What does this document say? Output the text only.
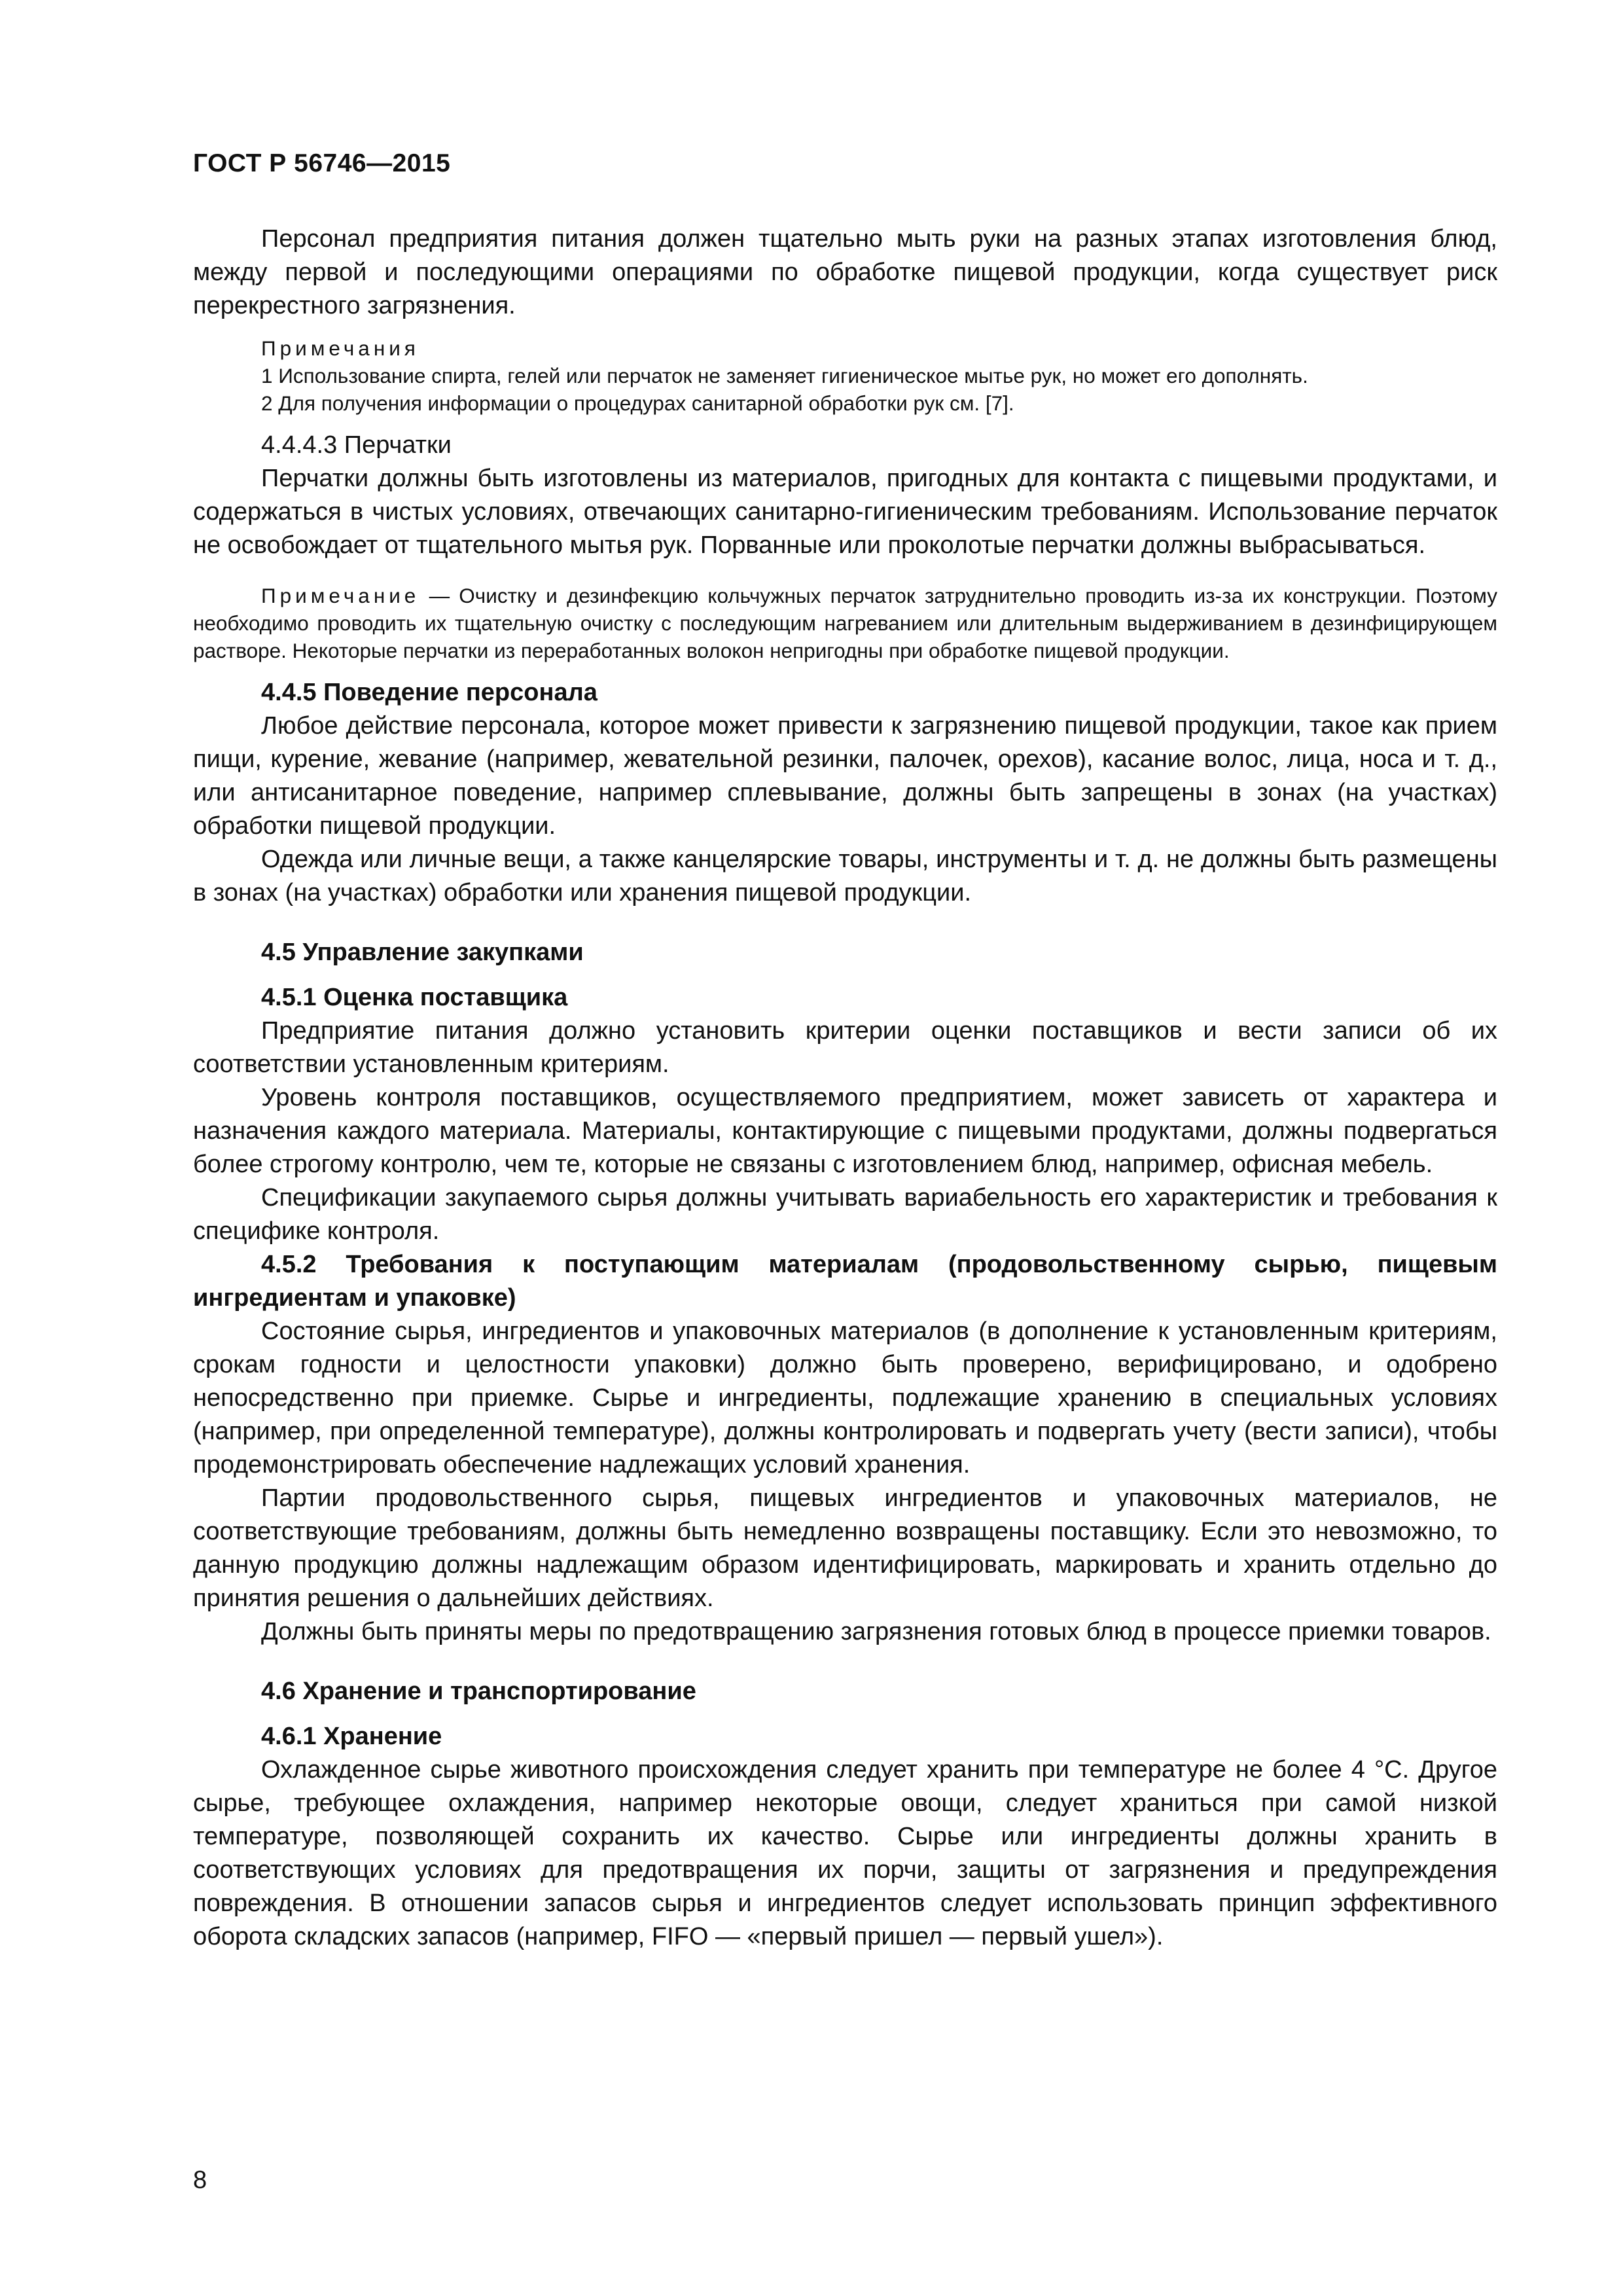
ГОСТ Р 56746—2015

Персонал предприятия питания должен тщательно мыть руки на разных этапах изготовления блюд, между первой и последующими операциями по обработке пищевой продукции, когда существует риск перекрестного загрязнения.

Примечания

1 Использование спирта, гелей или перчаток не заменяет гигиеническое мытье рук, но может его дополнять.

2 Для получения информации о процедурах санитарной обработки рук см. [7].

4.4.4.3 Перчатки

Перчатки должны быть изготовлены из материалов, пригодных для контакта с пищевыми продуктами, и содержаться в чистых условиях, отвечающих санитарно-гигиеническим требованиям. Использование перчаток не освобождает от тщательного мытья рук. Порванные или проколотые перчатки должны выбрасываться.

Примечание — Очистку и дезинфекцию кольчужных перчаток затруднительно проводить из-за их конструкции. Поэтому необходимо проводить их тщательную очистку с последующим нагреванием или длительным выдерживанием в дезинфицирующем растворе. Некоторые перчатки из переработанных волокон непригодны при обработке пищевой продукции.

4.4.5 Поведение персонала

Любое действие персонала, которое может привести к загрязнению пищевой продукции, такое как прием пищи, курение, жевание (например, жевательной резинки, палочек, орехов), касание волос, лица, носа и т. д., или антисанитарное поведение, например сплевывание, должны быть запрещены в зонах (на участках) обработки пищевой продукции.

Одежда или личные вещи, а также канцелярские товары, инструменты и т. д. не должны быть размещены в зонах (на участках) обработки или хранения пищевой продукции.

4.5 Управление закупками

4.5.1 Оценка поставщика

Предприятие питания должно установить критерии оценки поставщиков и вести записи об их соответствии установленным критериям.

Уровень контроля поставщиков, осуществляемого предприятием, может зависеть от характера и назначения каждого материала. Материалы, контактирующие с пищевыми продуктами, должны подвергаться более строгому контролю, чем те, которые не связаны с изготовлением блюд, например, офисная мебель.

Спецификации закупаемого сырья должны учитывать вариабельность его характеристик и требования к специфике контроля.

4.5.2 Требования к поступающим материалам (продовольственному сырью, пищевым ингредиентам и упаковке)

Состояние сырья, ингредиентов и упаковочных материалов (в дополнение к установленным критериям, срокам годности и целостности упаковки) должно быть проверено, верифицировано, и одобрено непосредственно при приемке. Сырье и ингредиенты, подлежащие хранению в специальных условиях (например, при определенной температуре), должны контролировать и подвергать учету (вести записи), чтобы продемонстрировать обеспечение надлежащих условий хранения.

Партии продовольственного сырья, пищевых ингредиентов и упаковочных материалов, не соответствующие требованиям, должны быть немедленно возвращены поставщику. Если это невозможно, то данную продукцию должны надлежащим образом идентифицировать, маркировать и хранить отдельно до принятия решения о дальнейших действиях.

Должны быть приняты меры по предотвращению загрязнения готовых блюд в процессе приемки товаров.

4.6 Хранение и транспортирование

4.6.1 Хранение

Охлажденное сырье животного происхождения следует хранить при температуре не более 4 °С. Другое сырье, требующее охлаждения, например некоторые овощи, следует храниться при самой низкой температуре, позволяющей сохранить их качество. Сырье или ингредиенты должны хранить в соответствующих условиях для предотвращения их порчи, защиты от загрязнения и предупреждения повреждения. В отношении запасов сырья и ингредиентов следует использовать принцип эффективного оборота складских запасов (например, FIFO — «первый пришел — первый ушел»).

8
